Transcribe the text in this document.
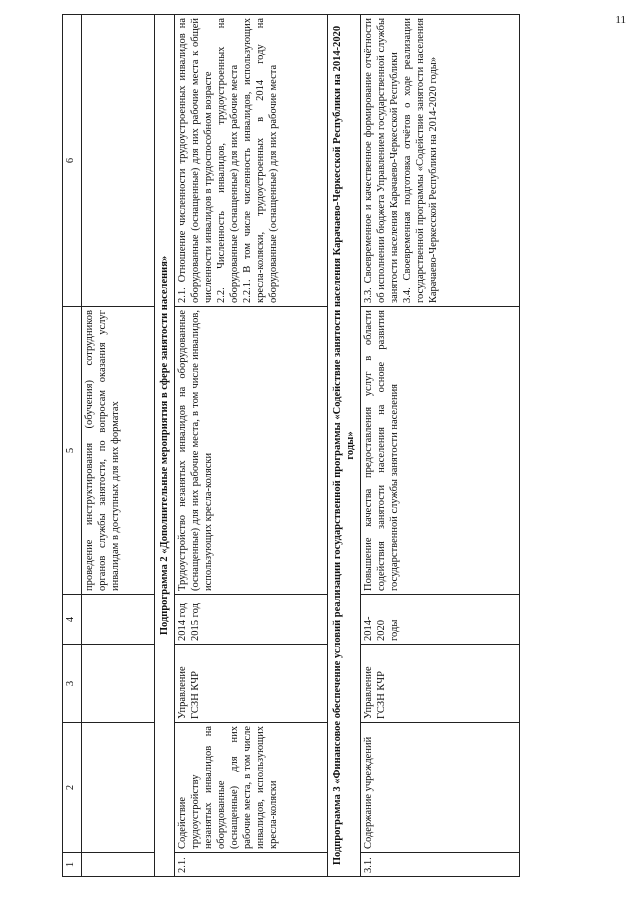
11
1	2	3	4	5	6
				проведение инструктирования (обучения) сотрудников органов службы занятости, по вопросам оказания услуг инвалидам в доступных для них форматах	
Подпрограмма 2 «Дополнительные мероприятия в сфере занятости населения»					
2.1.	Содействие трудоустройству незанятых инвалидов на оборудованные (оснащенные) для них рабочие места, в том числе инвалидов, использующих кресла-коляски	Управление ГСЗН КЧР	2014 год 2015 год	Трудоустройство незанятых инвалидов на оборудованные (оснащенные) для них рабочие места, в том числе инвалидов, использующих кресла-коляски	2.1. Отношение численности трудоустроенных инвалидов на оборудованные (оснащенные) для них рабочие места к общей численности инвалидов в трудоспособном возрасте
2.2. Численность инвалидов, трудоустроенных на оборудованные (оснащенные) для них рабочие места
2.2.1. В том числе численность инвалидов, использующих кресла-коляски, трудоустроенных в 2014 году на оборудованные (оснащенные) для них рабочие места
Подпрограмма 3 «Финансовое обеспечение условий реализации государственной программы «Содействие занятости населения Карачаево-Черкесской Республики на 2014-2020 годы»					
3.1.	Содержание учреждений	Управление ГСЗН КЧР	2014-2020 годы	Повышение качества предоставления услуг в области содействия занятости населения на основе развития государственной службы занятости населения	3.3. Своевременное и качественное формирование отчётности об исполнении бюджета Управлением государственной службы занятости населения Карачаево-Черкесской Республики
3.4. Своевременная подготовка отчётов о ходе реализации государственной программы «Содействие занятости населения Карачаево-Черкесской Республики на 2014-2020 годы»
